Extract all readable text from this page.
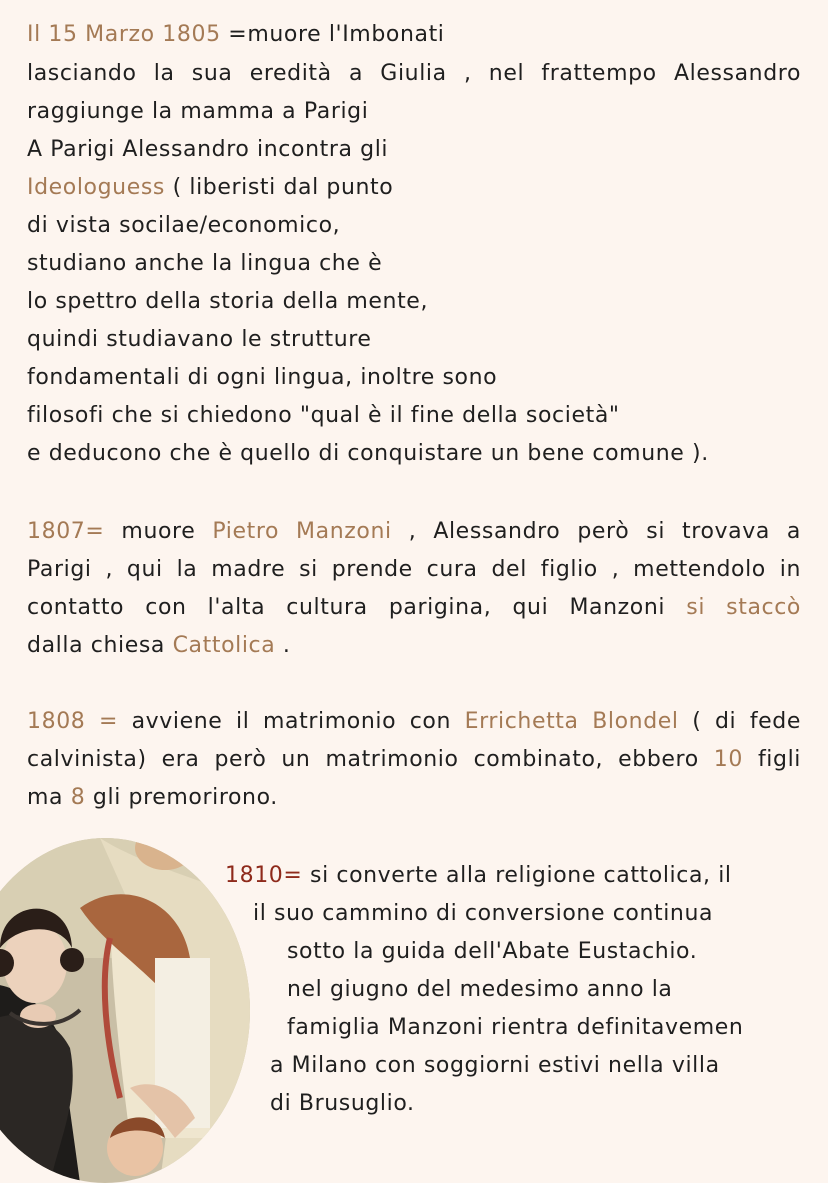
Il 15 Marzo 1805 =muore l'Imbonati
lasciando la sua eredità a Giulia , nel frattempo Alessandro
raggiunge la mamma a Parigi
A Parigi Alessandro incontra gli
Ideologuess ( liberisti dal punto
di vista socilae/economico,
studiano anche la lingua che è
lo spettro della storia della mente,
quindi studiavano le strutture
fondamentali di ogni lingua, inoltre sono
filosofi che si chiedono "qual è il fine della società"
e deducono che è quello di conquistare un bene comune ).
1807= muore Pietro Manzoni , Alessandro però si trovava a
Parigi , qui la madre si prende cura del figlio , mettendolo in
contatto con l'alta cultura parigina, qui Manzoni si staccò
dalla chiesa Cattolica .
1808 = avviene il matrimonio con Errichetta Blondel ( di fede
calvinista) era però un matrimonio combinato, ebbero 10 figli
ma 8 gli premorirono.
1810= si converte alla religione cattolica, il
il suo cammino di conversione continua
sotto la guida dell'Abate Eustachio.
nel giugno del medesimo anno la
famiglia Manzoni rientra definitavemen
a Milano con soggiorni estivi nella villa
di Brusuglio.
